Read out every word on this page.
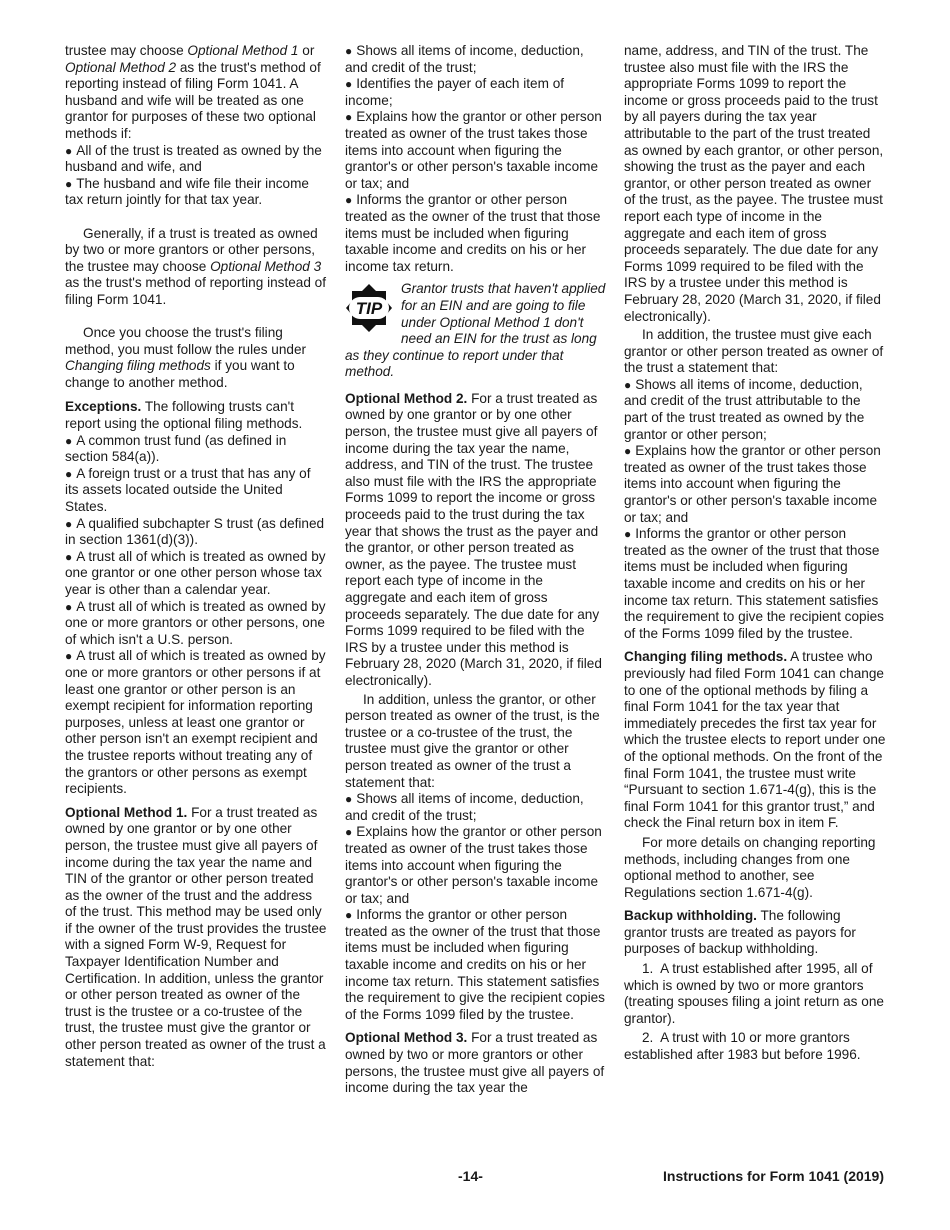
trustee may choose Optional Method 1 or Optional Method 2 as the trust's method of reporting instead of filing Form 1041. A husband and wife will be treated as one grantor for purposes of these two optional methods if:

● All of the trust is treated as owned by the husband and wife, and

● The husband and wife file their income tax return jointly for that tax year.

Generally, if a trust is treated as owned by two or more grantors or other persons, the trustee may choose Optional Method 3 as the trust's method of reporting instead of filing Form 1041.

Once you choose the trust's filing method, you must follow the rules under Changing filing methods if you want to change to another method.

Exceptions. The following trusts can't report using the optional filing methods.

● A common trust fund (as defined in section 584(a)).

● A foreign trust or a trust that has any of its assets located outside the United States.

● A qualified subchapter S trust (as defined in section 1361(d)(3)).

● A trust all of which is treated as owned by one grantor or one other person whose tax year is other than a calendar year.

● A trust all of which is treated as owned by one or more grantors or other persons, one of which isn't a U.S. person.

● A trust all of which is treated as owned by one or more grantors or other persons if at least one grantor or other person is an exempt recipient for information reporting purposes, unless at least one grantor or other person isn't an exempt recipient and the trustee reports without treating any of the grantors or other persons as exempt recipients.

Optional Method 1. For a trust treated as owned by one grantor or by one other person, the trustee must give all payers of income during the tax year the name and TIN of the grantor or other person treated as the owner of the trust and the address of the trust. This method may be used only if the owner of the trust provides the trustee with a signed Form W-9, Request for Taxpayer Identification Number and Certification. In addition, unless the grantor or other person treated as owner of the trust is the trustee or a co-trustee of the trust, the trustee must give the grantor or other person treated as owner of the trust a statement that:

● Shows all items of income, deduction, and credit of the trust;

● Identifies the payer of each item of income;

● Explains how the grantor or other person treated as owner of the trust takes those items into account when figuring the grantor's or other person's taxable income or tax; and

● Informs the grantor or other person treated as the owner of the trust that those items must be included when figuring taxable income and credits on his or her income tax return.

TIP
Grantor trusts that haven't applied for an EIN and are going to file under Optional Method 1 don't need an EIN for the trust as long as they continue to report under that method.

Optional Method 2. For a trust treated as owned by one grantor or by one other person, the trustee must give all payers of income during the tax year the name, address, and TIN of the trust. The trustee also must file with the IRS the appropriate Forms 1099 to report the income or gross proceeds paid to the trust during the tax year that shows the trust as the payer and the grantor, or other person treated as owner, as the payee. The trustee must report each type of income in the aggregate and each item of gross proceeds separately. The due date for any Forms 1099 required to be filed with the IRS by a trustee under this method is February 28, 2020 (March 31, 2020, if filed electronically).

In addition, unless the grantor, or other person treated as owner of the trust, is the trustee or a co-trustee of the trust, the trustee must give the grantor or other person treated as owner of the trust a statement that:

● Shows all items of income, deduction, and credit of the trust;

● Explains how the grantor or other person treated as owner of the trust takes those items into account when figuring the grantor's or other person's taxable income or tax; and

● Informs the grantor or other person treated as the owner of the trust that those items must be included when figuring taxable income and credits on his or her income tax return. This statement satisfies the requirement to give the recipient copies of the Forms 1099 filed by the trustee.

Optional Method 3. For a trust treated as owned by two or more grantors or other persons, the trustee must give all payers of income during the tax year the

name, address, and TIN of the trust. The trustee also must file with the IRS the appropriate Forms 1099 to report the income or gross proceeds paid to the trust by all payers during the tax year attributable to the part of the trust treated as owned by each grantor, or other person, showing the trust as the payer and each grantor, or other person treated as owner of the trust, as the payee. The trustee must report each type of income in the aggregate and each item of gross proceeds separately. The due date for any Forms 1099 required to be filed with the IRS by a trustee under this method is February 28, 2020 (March 31, 2020, if filed electronically).

In addition, the trustee must give each grantor or other person treated as owner of the trust a statement that:

● Shows all items of income, deduction, and credit of the trust attributable to the part of the trust treated as owned by the grantor or other person;

● Explains how the grantor or other person treated as owner of the trust takes those items into account when figuring the grantor's or other person's taxable income or tax; and

● Informs the grantor or other person treated as the owner of the trust that those items must be included when figuring taxable income and credits on his or her income tax return. This statement satisfies the requirement to give the recipient copies of the Forms 1099 filed by the trustee.

Changing filing methods. A trustee who previously had filed Form 1041 can change to one of the optional methods by filing a final Form 1041 for the tax year that immediately precedes the first tax year for which the trustee elects to report under one of the optional methods. On the front of the final Form 1041, the trustee must write “Pursuant to section 1.671-4(g), this is the final Form 1041 for this grantor trust,” and check the Final return box in item F.

For more details on changing reporting methods, including changes from one optional method to another, see Regulations section 1.671-4(g).

Backup withholding. The following grantor trusts are treated as payors for purposes of backup withholding.

1. A trust established after 1995, all of which is owned by two or more grantors (treating spouses filing a joint return as one grantor).

2. A trust with 10 or more grantors established after 1983 but before 1996.

-14-	Instructions for Form 1041 (2019)
